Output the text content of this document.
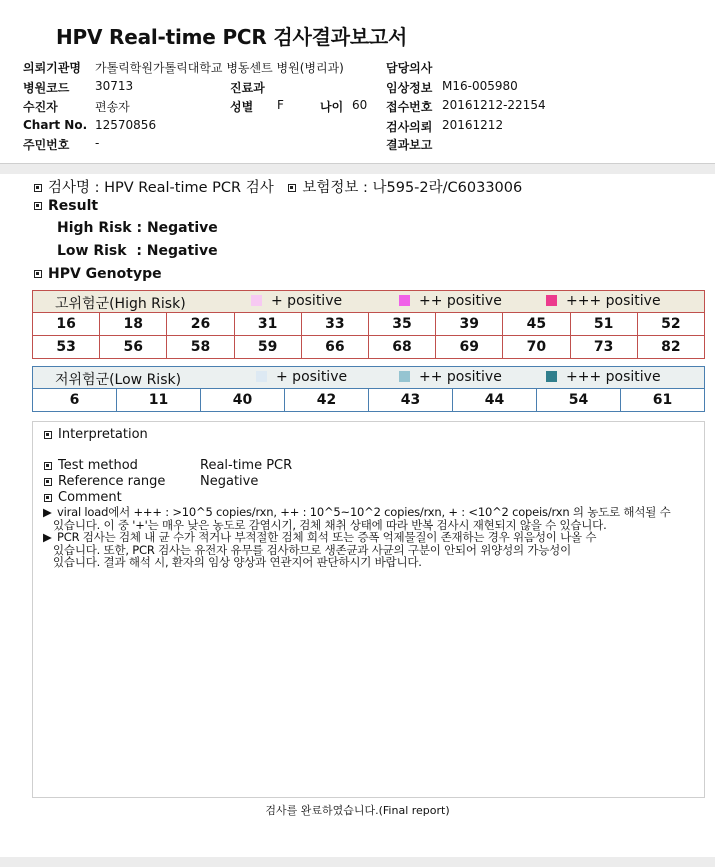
HPV Real-time PCR 검사결과보고서
의뢰기관명 가톨릭학원가톨릭대학교 병동센트 병원(병리과)
병원코드 30713	진료과
수진자	편송자	성별 F	나이 60
Chart No. 12570856
주민번호 -
담당의사
임상정보 M16-005980
접수번호 20161212-22154
검사의뢰 20161212
결과보고
검사명 : HPV Real-time PCR 검사 보험정보 : 나595-2라/C6033006
Result
High Risk : Negative
Low Risk  : Negative
HPV Genotype
고위험군(High Risk)	+ positive	++ positive	+++ positive
16	18	26	31	33	35	39	45	51	52
53	56	58	59	66	68	69	70	73	82
저위험군(Low Risk)	+ positive	++ positive	+++ positive
6	11	40	42	43	44	54	61
Interpretation
Test method	Real-time PCR
Reference range	Negative
Comment
▶ viral load에서 +++ : >10^5 copies/rxn, ++ : 10^5~10^2 copies/rxn, + : <10^2 copeis/rxn 의 농도로 해석될 수
있습니다. 이 중 '+'는 매우 낮은 농도로 감염시기, 검체 채취 상태에 따라 반복 검사시 재현되지 않을 수 있습니다.
▶ PCR 검사는 검체 내 균 수가 적거나 부적절한 검체 희석 또는 증폭 억제물질이 존재하는 경우 위음성이 나올 수
있습니다. 또한, PCR 검사는 유전자 유무를 검사하므로 생존균과 사균의 구분이 안되어 위양성의 가능성이
있습니다. 결과 해석 시, 환자의 임상 양상과 연관지어 판단하시기 바랍니다.
검사를 완료하였습니다.(Final report)
